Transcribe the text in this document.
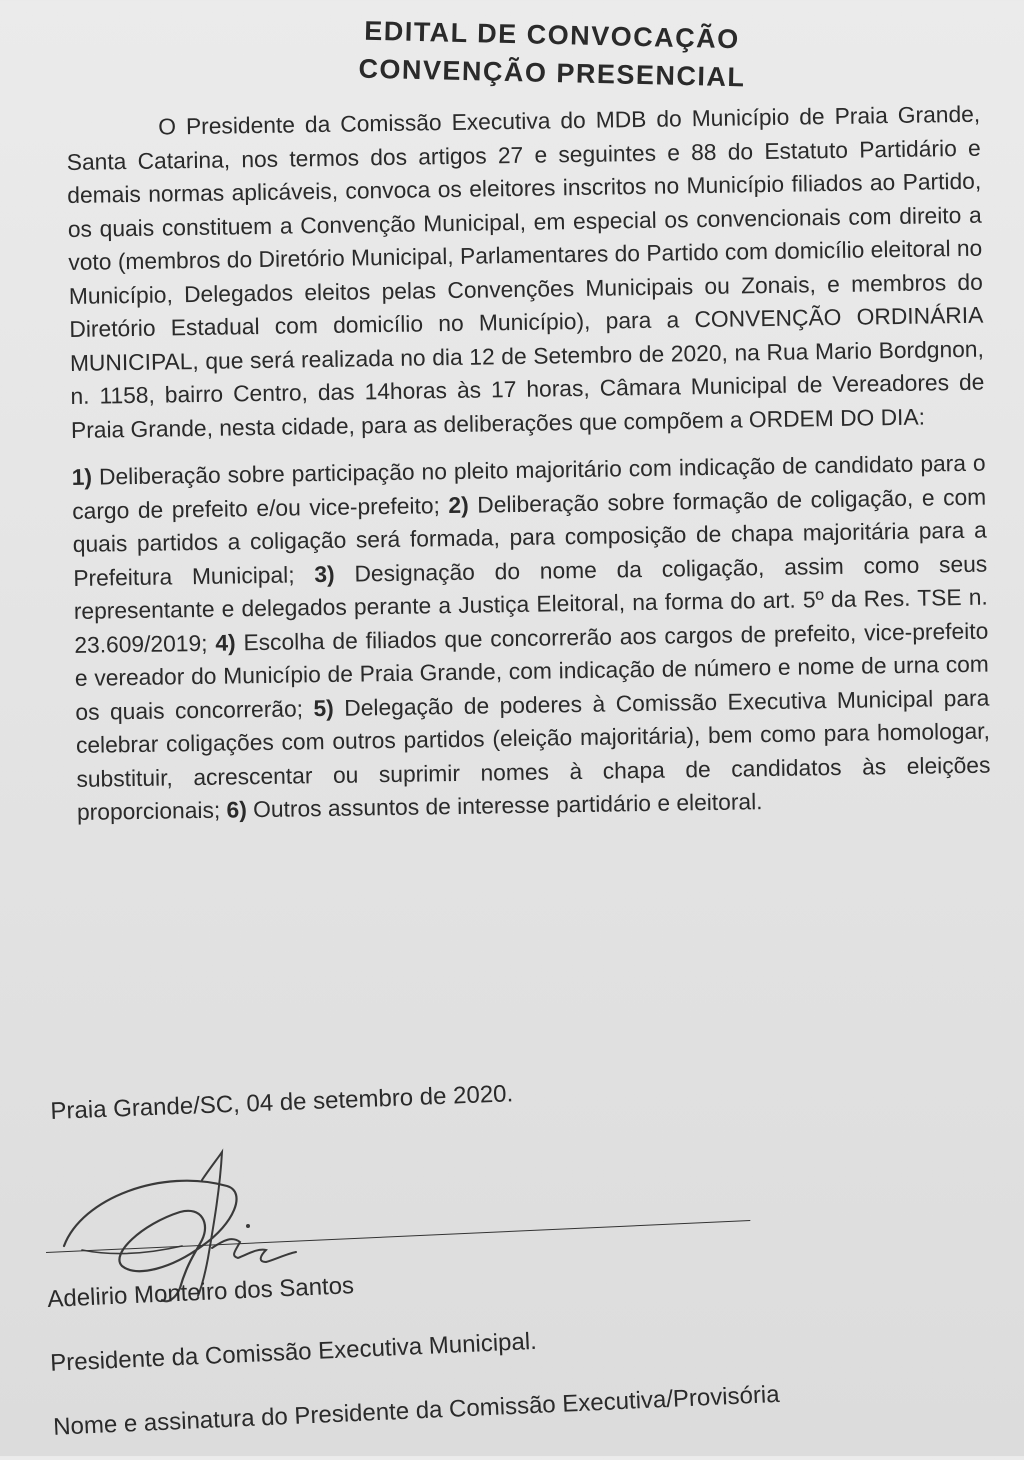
EDITAL DE CONVOCAÇÃO
CONVENÇÃO PRESENCIAL

O Presidente da Comissão Executiva do MDB do Município de Praia Grande, Santa Catarina, nos termos dos artigos 27 e seguintes e 88 do Estatuto Partidário e demais normas aplicáveis, convoca os eleitores inscritos no Município filiados ao Partido, os quais constituem a Convenção Municipal, em especial os convencionais com direito a voto (membros do Diretório Municipal, Parlamentares do Partido com domicílio eleitoral no Município, Delegados eleitos pelas Convenções Municipais ou Zonais, e membros do Diretório Estadual com domicílio no Município), para a CONVENÇÃO ORDINÁRIA MUNICIPAL, que será realizada no dia 12 de Setembro de 2020, na Rua Mario Bordgnon, n. 1158, bairro Centro, das 14horas às 17 horas, Câmara Municipal de Vereadores de Praia Grande, nesta cidade, para as deliberações que compõem a ORDEM DO DIA:

1) Deliberação sobre participação no pleito majoritário com indicação de candidato para o cargo de prefeito e/ou vice-prefeito; 2) Deliberação sobre formação de coligação, e com quais partidos a coligação será formada, para composição de chapa majoritária para a Prefeitura Municipal; 3) Designação do nome da coligação, assim como seus representante e delegados perante a Justiça Eleitoral, na forma do art. 5º da Res. TSE n. 23.609/2019; 4) Escolha de filiados que concorrerão aos cargos de prefeito, vice-prefeito e vereador do Município de Praia Grande, com indicação de número e nome de urna com os quais concorrerão; 5) Delegação de poderes à Comissão Executiva Municipal para celebrar coligações com outros partidos (eleição majoritária), bem como para homologar, substituir, acrescentar ou suprimir nomes à chapa de candidatos às eleições proporcionais; 6) Outros assuntos de interesse partidário e eleitoral.
Praia Grande/SC, 04 de setembro de 2020.
Adelirio Monteiro dos Santos
Presidente da Comissão Executiva Municipal.
Nome e assinatura do Presidente da Comissão Executiva/Provisória
